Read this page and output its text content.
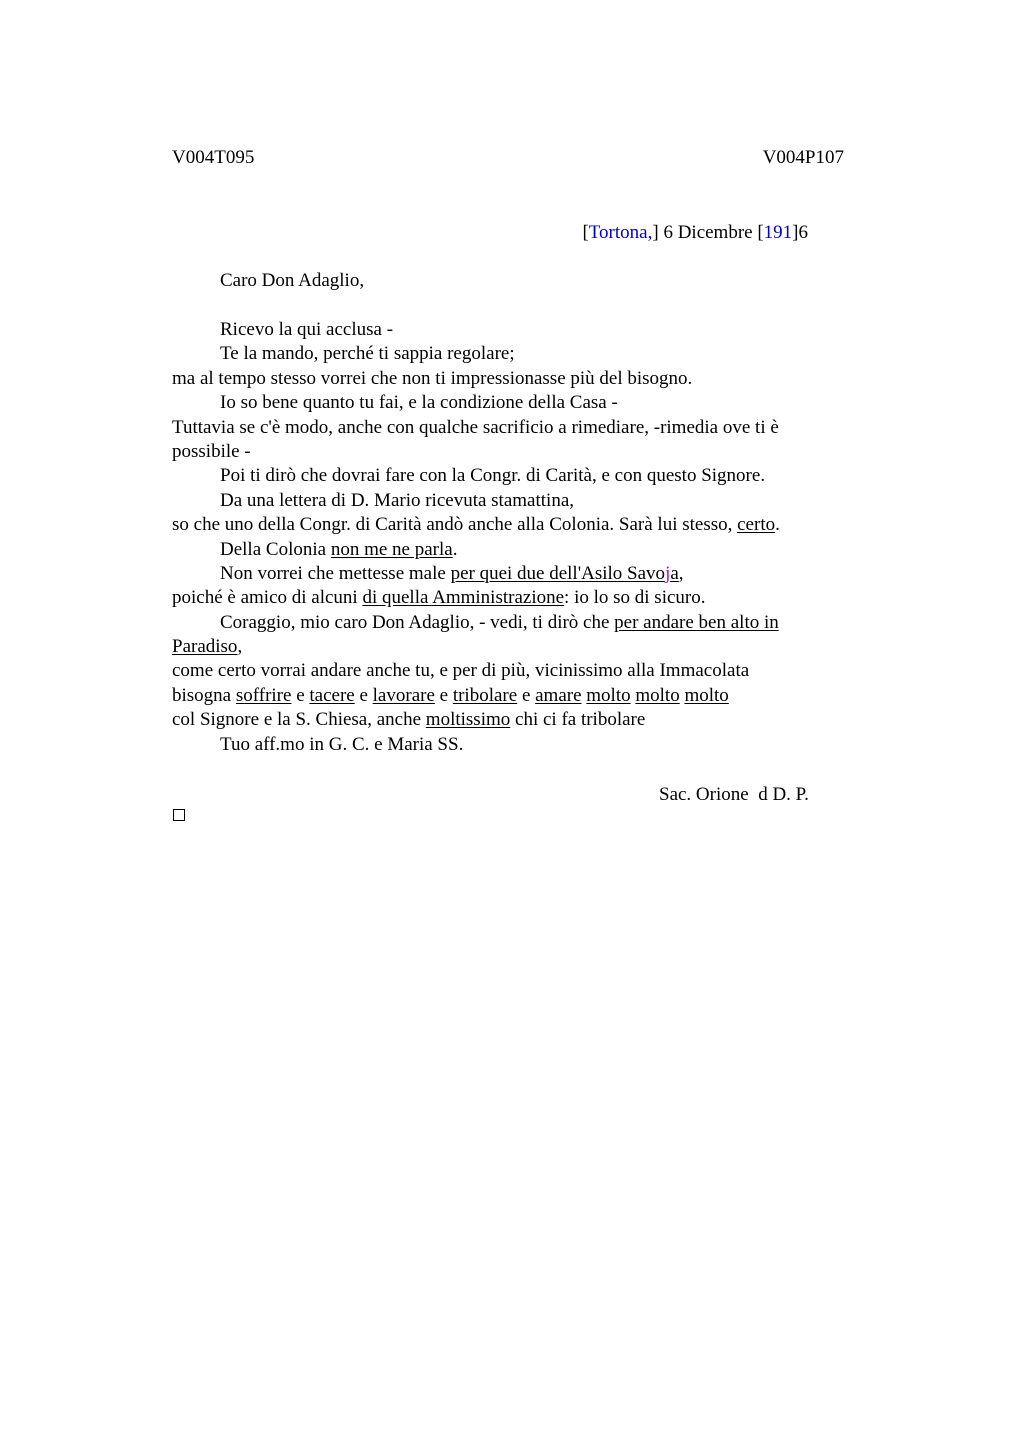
V004T095	V004P107
[Tortona,] 6 Dicembre [191]6
Caro Don Adaglio,
Ricevo la qui acclusa -
Te la mando, perché ti sappia regolare;
ma al tempo stesso vorrei che non ti impressionasse più del bisogno.
Io so bene quanto tu fai, e la condizione della Casa -
Tuttavia se c'è modo, anche con qualche sacrificio a rimediare, -rimedia ove ti è
possibile -
Poi ti dirò che dovrai fare con la Congr. di Carità, e con questo Signore.
Da una lettera di D. Mario ricevuta stamattina,
so che uno della Congr. di Carità andò anche alla Colonia. Sarà lui stesso, certo.
Della Colonia non me ne parla.
Non vorrei che mettesse male per quei due dell'Asilo Savoja,
poiché è amico di alcuni di quella Amministrazione: io lo so di sicuro.
Coraggio, mio caro Don Adaglio, - vedi, ti dirò che per andare ben alto in
Paradiso,
come certo vorrai andare anche tu, e per di più, vicinissimo alla Immacolata
bisogna soffrire e tacere e lavorare e tribolare e amare molto molto molto
col Signore e la S. Chiesa, anche moltissimo chi ci fa tribolare
Tuo aff.mo in G. C. e Maria SS.
Sac. Orione  d D. P.
